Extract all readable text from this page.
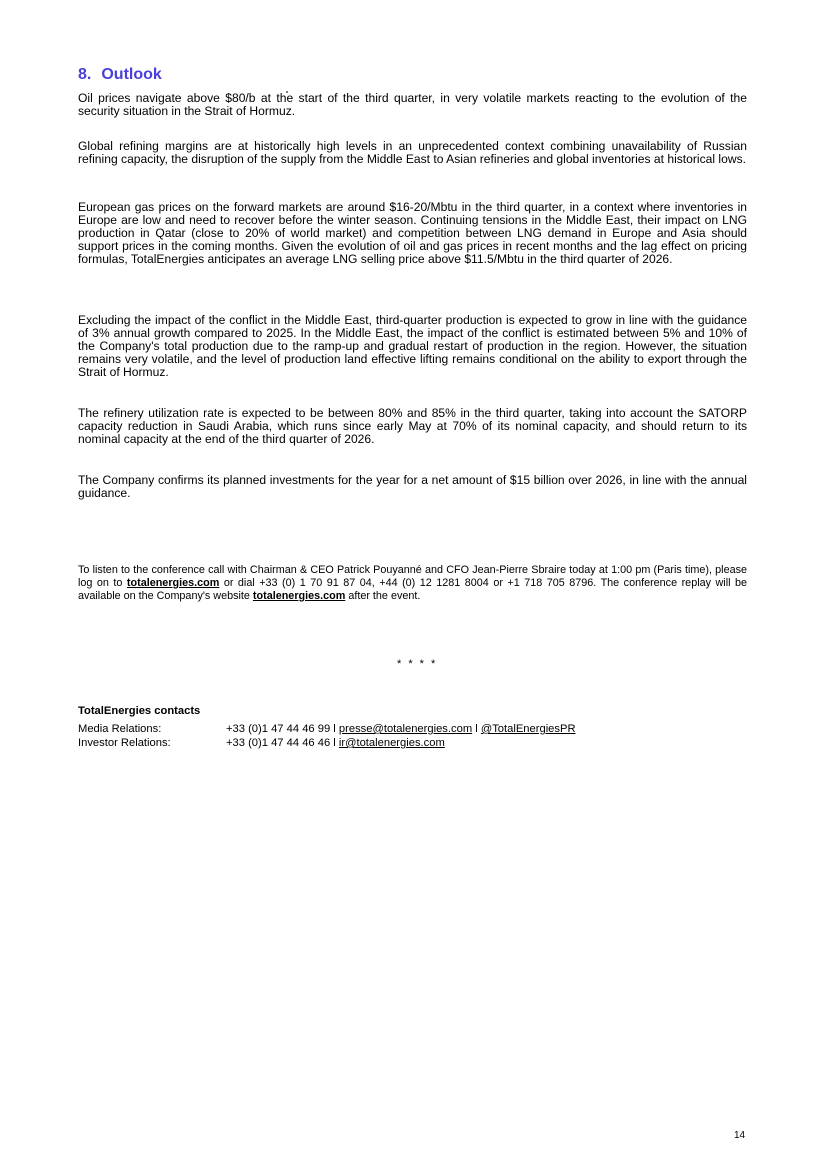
8. Outlook

Oil prices navigate above $80/b at the start of the third quarter, in very volatile markets reacting to the evolution of the security situation in the Strait of Hormuz.

Global refining margins are at historically high levels in an unprecedented context combining unavailability of Russian refining capacity, the disruption of the supply from the Middle East to Asian refineries and global inventories at historical lows.

European gas prices on the forward markets are around $16-20/Mbtu in the third quarter, in a context where inventories in Europe are low and need to recover before the winter season. Continuing tensions in the Middle East, their impact on LNG production in Qatar (close to 20% of world market) and competition between LNG demand in Europe and Asia should support prices in the coming months. Given the evolution of oil and gas prices in recent months and the lag effect on pricing formulas, TotalEnergies anticipates an average LNG selling price above $11.5/Mbtu in the third quarter of 2026.

Excluding the impact of the conflict in the Middle East, third-quarter production is expected to grow in line with the guidance of 3% annual growth compared to 2025. In the Middle East, the impact of the conflict is estimated between 5% and 10% of the Company's total production due to the ramp-up and gradual restart of production in the region. However, the situation remains very volatile, and the level of production land effective lifting remains conditional on the ability to export through the Strait of Hormuz.

The refinery utilization rate is expected to be between 80% and 85% in the third quarter, taking into account the SATORP capacity reduction in Saudi Arabia, which runs since early May at 70% of its nominal capacity, and should return to its nominal capacity at the end of the third quarter of 2026.

The Company confirms its planned investments for the year for a net amount of $15 billion over 2026, in line with the annual guidance.

To listen to the conference call with Chairman & CEO Patrick Pouyanné and CFO Jean-Pierre Sbraire today at 1:00 pm (Paris time), please log on to totalenergies.com or dial +33 (0) 1 70 91 87 04, +44 (0) 12 1281 8004 or +1 718 705 8796. The conference replay will be available on the Company's website totalenergies.com after the event.

* * * *
TotalEnergies contacts
Media Relations:	+33 (0)1 47 44 46 99 l presse@totalenergies.com l @TotalEnergiesPR
Investor Relations:	+33 (0)1 47 44 46 46 l ir@totalenergies.com
14
